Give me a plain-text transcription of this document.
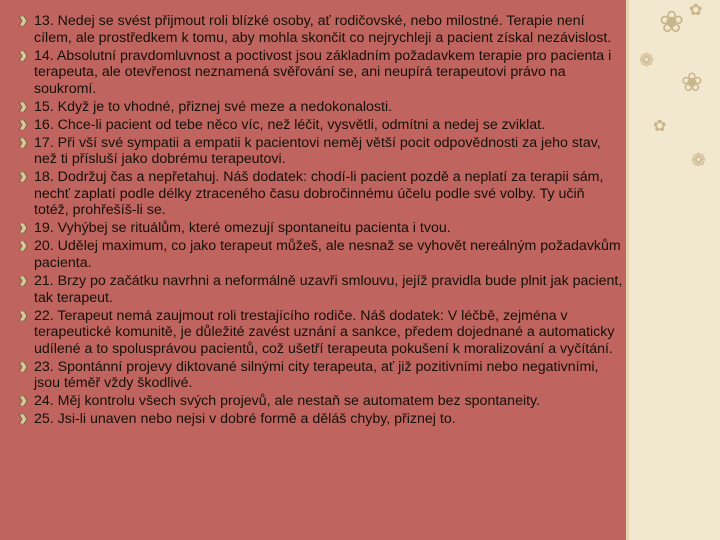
❀ ✿
❁
❀
✿
❁
13. Nedej se svést přijmout roli blízké osoby, ať rodičovské, nebo milostné. Terapie není cílem, ale prostředkem k tomu, aby mohla skončit co nejrychleji a pacient získal nezávislost.
14. Absolutní pravdomluvnost a poctivost jsou základním požadavkem terapie pro pacienta i terapeuta, ale otevřenost neznamená svěřování se, ani neupírá terapeutovi právo na soukromí.
15. Když je to vhodné, přiznej své meze a nedokonalosti.
16. Chce-li pacient od tebe něco víc, než léčit, vysvětli, odmítni a nedej se zviklat.
17. Při vší své sympatii a empatii k pacientovi neměj větší pocit odpovědnosti za jeho stav, než ti přísluší jako dobrému terapeutovi.
18. Dodržuj čas a nepřetahuj. Náš dodatek: chodí-li pacient pozdě a neplatí za terapii sám, nechť zaplatí podle délky ztraceného času dobročinnému účelu podle své volby. Ty učiň totéž, prohřešíš-li se.
19. Vyhýbej se rituálům, které omezují spontaneitu pacienta i tvou.
20. Udělej maximum, co jako terapeut můžeš, ale nesnaž se vyhovět nereálným požadavkům pacienta.
21. Brzy po začátku navrhni a neformálně uzavři smlouvu, jejíž pravidla bude plnit jak pacient, tak terapeut.
22. Terapeut nemá zaujmout roli trestajícího rodiče. Náš dodatek: V léčbě, zejména v terapeutické komunitě, je důležité zavést uznání a sankce, předem dojednané a automaticky udílené a to spolusprávou pacientů, což ušetří terapeuta pokušení k moralizování a vyčítání.
23. Spontánní projevy diktované silnými city terapeuta, ať již pozitivními nebo negativními, jsou téměř vždy škodlivé.
24. Měj kontrolu všech svých projevů, ale nestaň se automatem bez spontaneity.
25. Jsi-li unaven nebo nejsi v dobré formě a děláš chyby, přiznej to.
